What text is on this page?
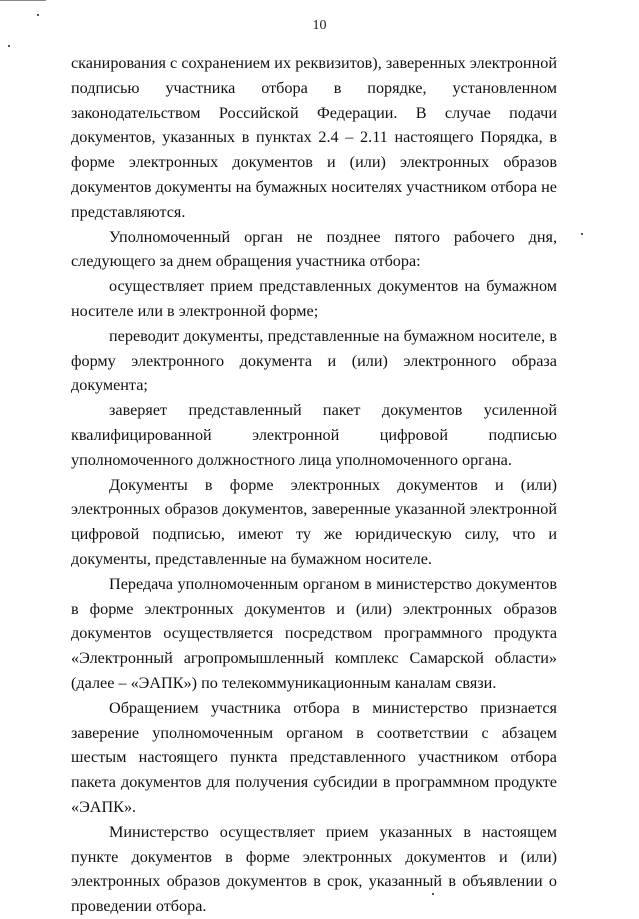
10

сканирования с сохранением их реквизитов), заверенных электронной подписью участника отбора в порядке, установленном законодательством Российской Федерации. В случае подачи документов, указанных в пунктах 2.4 – 2.11 настоящего Порядка, в форме электронных документов и (или) электронных образов документов документы на бумажных носителях участником отбора не представляются.

Уполномоченный орган не позднее пятого рабочего дня, следующего за днем обращения участника отбора:

осуществляет прием представленных документов на бумажном носителе или в электронной форме;

переводит документы, представленные на бумажном носителе, в форму электронного документа и (или) электронного образа документа;

заверяет представленный пакет документов усиленной квалифицированной электронной цифровой подписью уполномоченного должностного лица уполномоченного органа.

Документы в форме электронных документов и (или) электронных образов документов, заверенные указанной электронной цифровой подписью, имеют ту же юридическую силу, что и документы, представленные на бумажном носителе.

Передача уполномоченным органом в министерство документов в форме электронных документов и (или) электронных образов документов осуществляется посредством программного продукта «Электронный агропромышленный комплекс Самарской области» (далее – «ЭАПК») по телекоммуникационным каналам связи.

Обращением участника отбора в министерство признается заверение уполномоченным органом в соответствии с абзацем шестым настоящего пункта представленного участником отбора пакета документов для получения субсидии в программном продукте «ЭАПК».

Министерство осуществляет прием указанных в настоящем пункте документов в форме электронных документов и (или) электронных образов документов в срок, указанный в объявлении о проведении отбора.
